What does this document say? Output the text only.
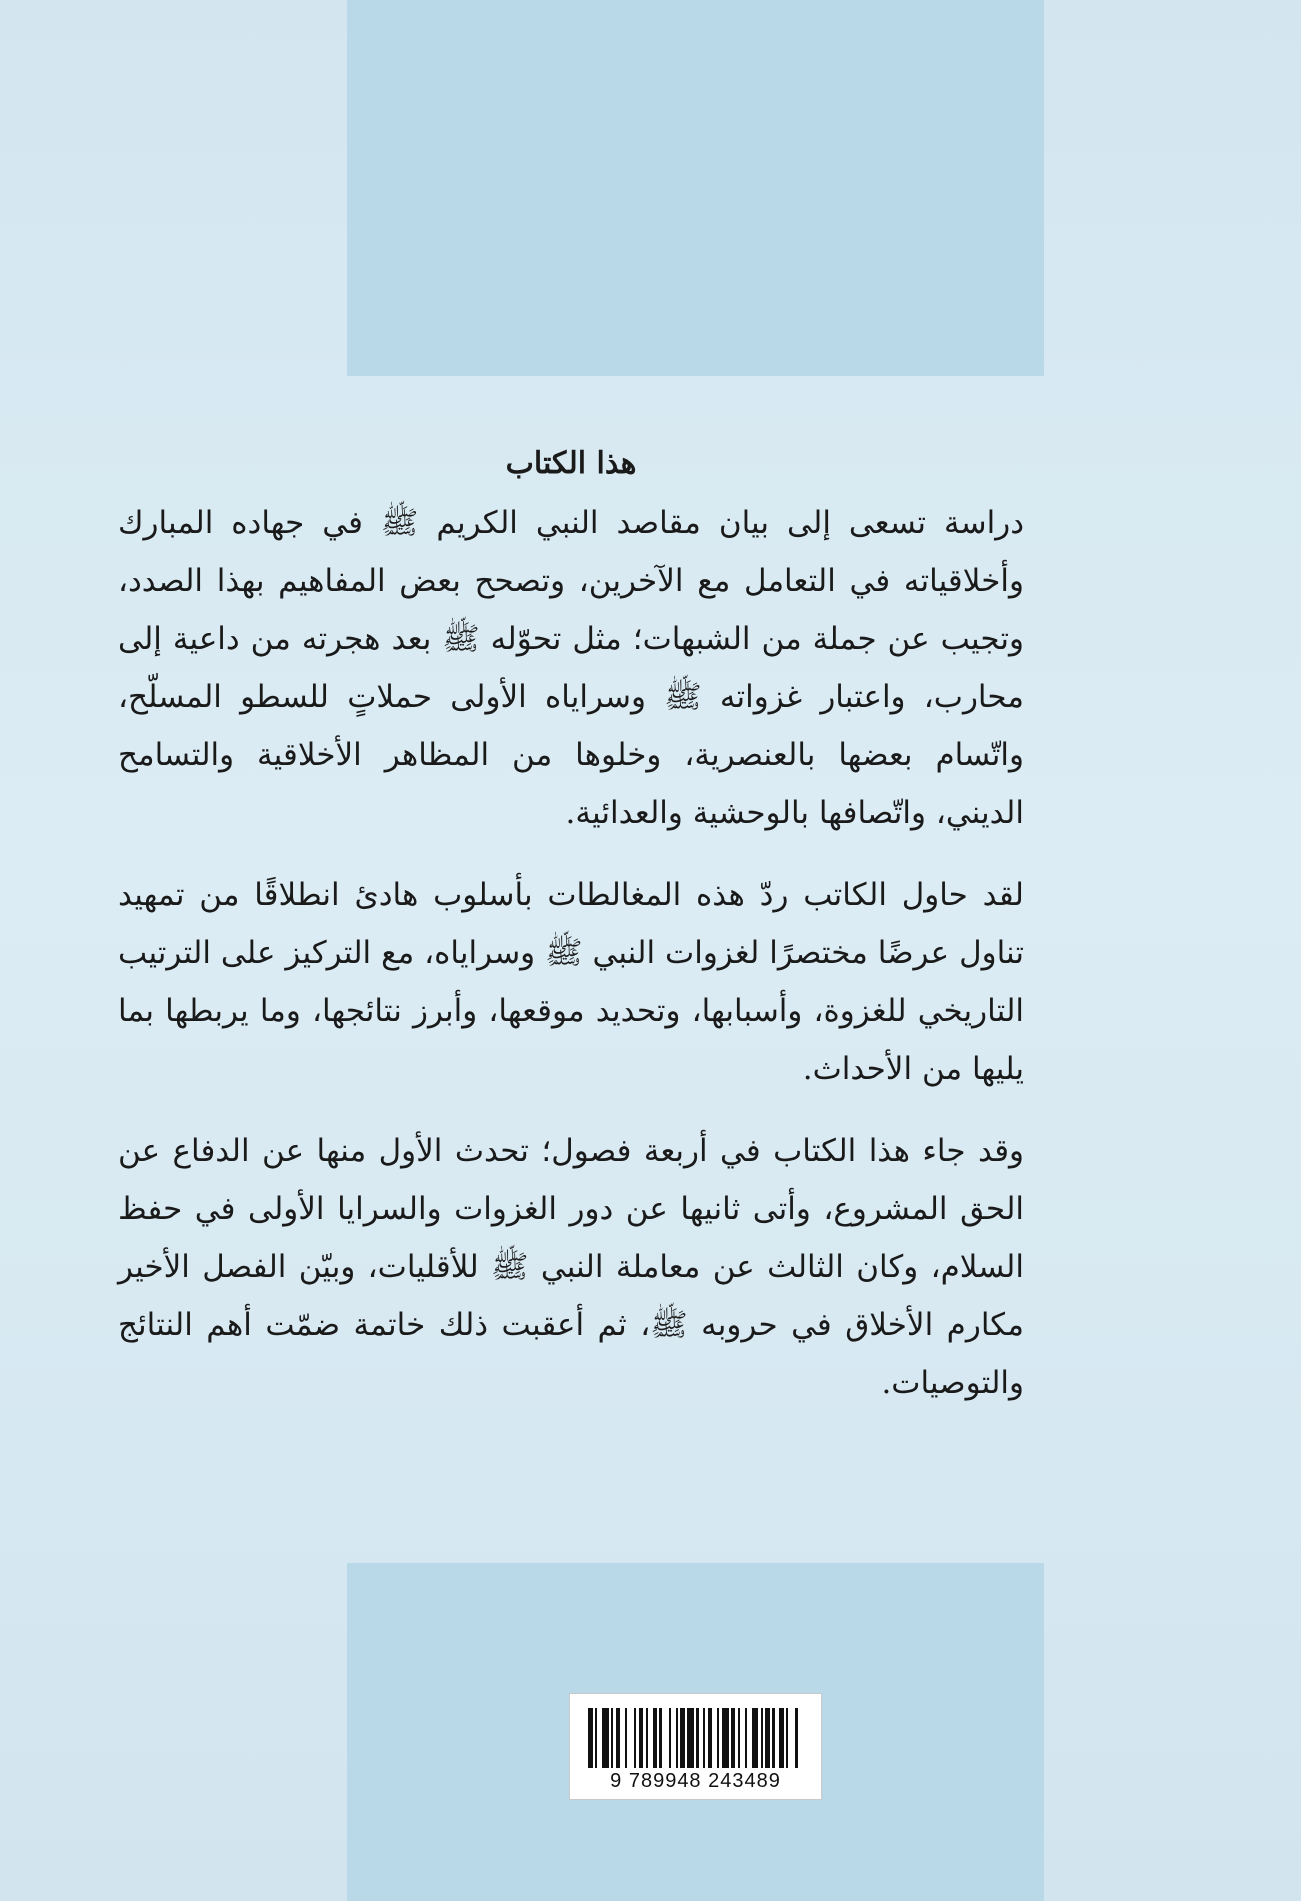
هذا الكتاب

دراسة تسعى إلى بيان مقاصد النبي الكريم ﷺ في جهاده المبارك وأخلاقياته في التعامل مع الآخرين، وتصحح بعض المفاهيم بهذا الصدد، وتجيب عن جملة من الشبهات؛ مثل تحوّله ﷺ بعد هجرته من داعية إلى محارب، واعتبار غزواته ﷺ وسراياه الأولى حملاتٍ للسطو المسلّح، واتّسام بعضها بالعنصرية، وخلوها من المظاهر الأخلاقية والتسامح الديني، واتّصافها بالوحشية والعدائية.

لقد حاول الكاتب ردّ هذه المغالطات بأسلوب هادئ انطلاقًا من تمهيد تناول عرضًا مختصرًا لغزوات النبي ﷺ وسراياه، مع التركيز على الترتيب التاريخي للغزوة، وأسبابها، وتحديد موقعها، وأبرز نتائجها، وما يربطها بما يليها من الأحداث.

وقد جاء هذا الكتاب في أربعة فصول؛ تحدث الأول منها عن الدفاع عن الحق المشروع، وأتى ثانيها عن دور الغزوات والسرايا الأولى في حفظ السلام، وكان الثالث عن معاملة النبي ﷺ للأقليات، وبيّن الفصل الأخير مكارم الأخلاق في حروبه ﷺ، ثم أعقبت ذلك خاتمة ضمّت أهم النتائج والتوصيات.

9 789948 243489
